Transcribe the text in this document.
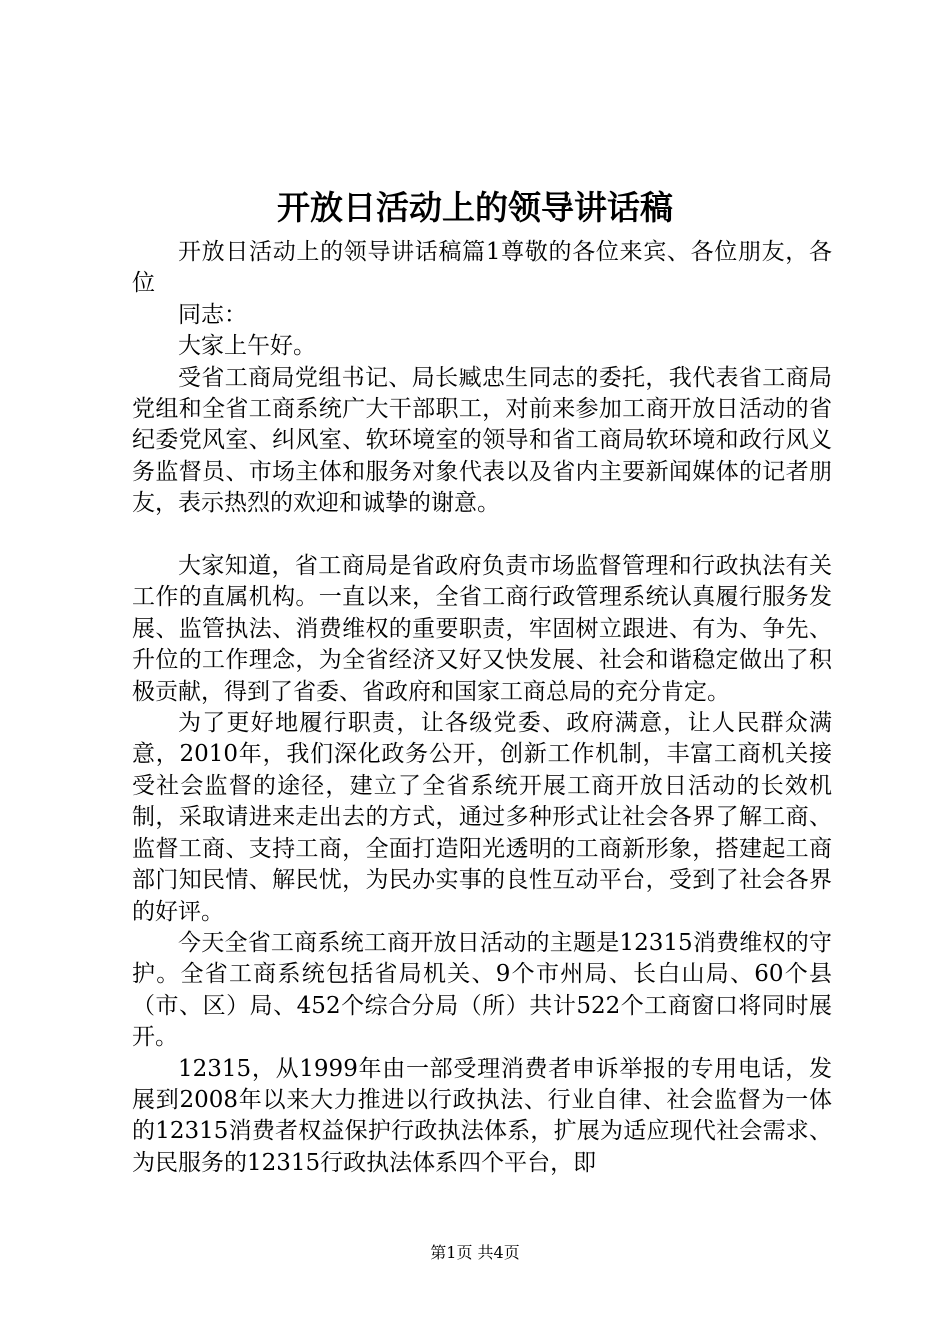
开放日活动上的领导讲话稿

开放日活动上的领导讲话稿篇1尊敬的各位来宾、各位朋友，各位

同志：

大家上午好。

受省工商局党组书记、局长臧忠生同志的委托，我代表省工商局党组和全省工商系统广大干部职工，对前来参加工商开放日活动的省纪委党风室、纠风室、软环境室的领导和省工商局软环境和政行风义务监督员、市场主体和服务对象代表以及省内主要新闻媒体的记者朋友，表示热烈的欢迎和诚挚的谢意。

大家知道，省工商局是省政府负责市场监督管理和行政执法有关工作的直属机构。一直以来，全省工商行政管理系统认真履行服务发展、监管执法、消费维权的重要职责，牢固树立跟进、有为、争先、升位的工作理念，为全省经济又好又快发展、社会和谐稳定做出了积极贡献，得到了省委、省政府和国家工商总局的充分肯定。

为了更好地履行职责，让各级党委、政府满意，让人民群众满意，2010年，我们深化政务公开，创新工作机制，丰富工商机关接受社会监督的途径，建立了全省系统开展工商开放日活动的长效机制，采取请进来走出去的方式，通过多种形式让社会各界了解工商、监督工商、支持工商，全面打造阳光透明的工商新形象，搭建起工商部门知民情、解民忧，为民办实事的良性互动平台，受到了社会各界的好评。

今天全省工商系统工商开放日活动的主题是12315消费维权的守护。全省工商系统包括省局机关、9个市州局、长白山局、60个县（市、区）局、452个综合分局（所）共计522个工商窗口将同时展开。

12315，从1999年由一部受理消费者申诉举报的专用电话，发展到2008年以来大力推进以行政执法、行业自律、社会监督为一体的12315消费者权益保护行政执法体系，扩展为适应现代社会需求、为民服务的12315行政执法体系四个平台，即

第1页 共4页
